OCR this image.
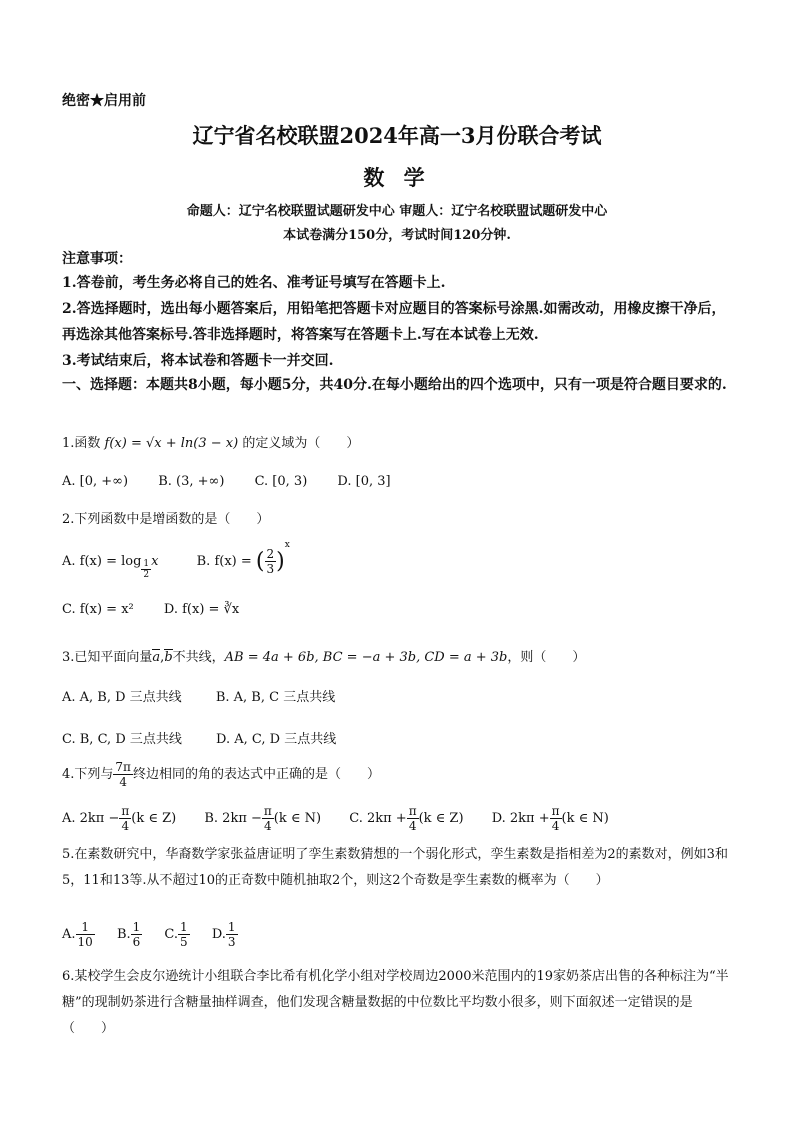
绝密★启用前
辽宁省名校联盟2024年高一3月份联合考试
数 学
命题人：辽宁名校联盟试题研发中心 审题人：辽宁名校联盟试题研发中心
本试卷满分150分，考试时间120分钟.
注意事项：
1.答卷前，考生务必将自己的姓名、准考证号填写在答题卡上.
2.答选择题时，选出每小题答案后，用铅笔把答题卡对应题目的答案标号涂黑.如需改动，用橡皮擦干净后，再选涂其他答案标号.答非选择题时，将答案写在答题卡上.写在本试卷上无效.
3.考试结束后，将本试卷和答题卡一并交回.
一、选择题：本题共8小题，每小题5分，共40分.在每小题给出的四个选项中，只有一项是符合题目要求的.
1.函数 f(x) = √x + ln(3 − x) 的定义域为（　　）
A. [0, +∞) B. (3, +∞) C. [0, 3) D. [0, 3]
2.下列函数中是增函数的是（　　）
A. $f(x) = \log \frac{1}{2}$ x	B. f(x) = ( $\frac{2}{3} )^x$
C. f(x) = x² D. f(x) = ∛x
3.已知平面向量a,b不共线，AB = 4a + 6b, BC = −a + 3b, CD = a + 3b，则（　　）
A. A, B, D 三点共线	B. A, B, C 三点共线
C. B, C, D 三点共线	D. A, C, D 三点共线
4.下列与 $\frac{7\pi}{4}$ 终边相同的角的表达式中正确的是（　　）
A. $2k\pi - \frac{\pi}{4} (k$ ∈ Z) B. $2k\pi - \frac{\pi}{4} (k$ ∈ N) C. $2k\pi + \frac{\pi}{4} (k$ ∈ Z) D. $2k\pi + \frac{\pi}{4} (k$ ∈ N)
5.在素数研究中，华裔数学家张益唐证明了孪生素数猜想的一个弱化形式，孪生素数是指相差为2的素数对，例如3和5，11和13等.从不超过10的正奇数中随机抽取2个，则这2个奇数是孪生素数的概率为（　　）
A. $\frac{1}{10} B$. $\frac{1}{6} C$. $\frac{1}{5} D$. $\frac{1}{3}$
6.某校学生会皮尔逊统计小组联合李比希有机化学小组对学校周边2000米范围内的19家奶茶店出售的各种标注为“半糖”的现制奶茶进行含糖量抽样调查，他们发现含糖量数据的中位数比平均数小很多，则下面叙述一定错误的是（　　）
